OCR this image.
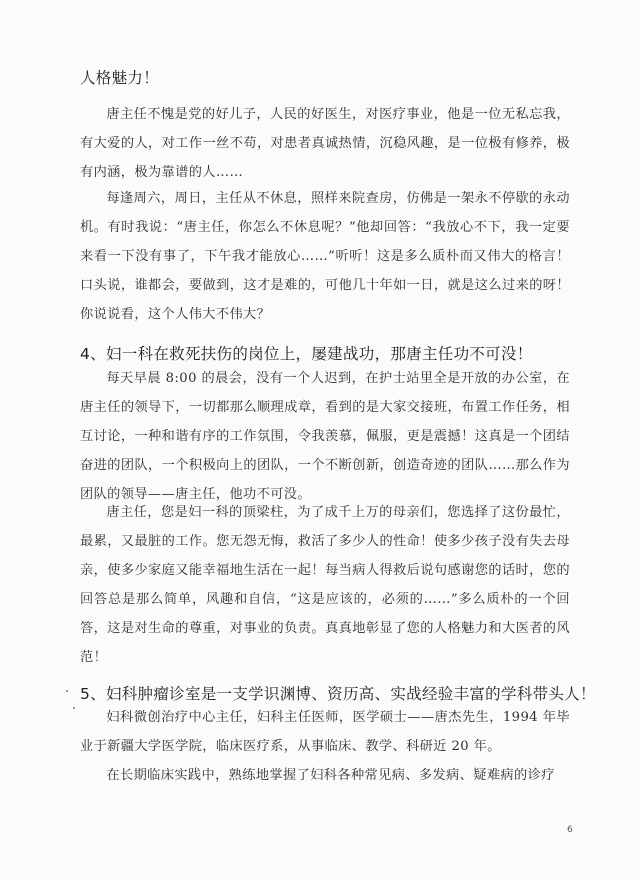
人格魅力！
唐主任不愧是党的好儿子，人民的好医生，对医疗事业，他是一位无私忘我，有大爱的人，对工作一丝不苟，对患者真诚热情，沉稳风趣，是一位极有修养，极有内涵，极为靠谱的人……
每逢周六，周日，主任从不休息，照样来院查房，仿佛是一架永不停歇的永动机。有时我说：“唐主任，你怎么不休息呢？”他却回答：“我放心不下，我一定要来看一下没有事了，下午我才能放心……”听听！这是多么质朴而又伟大的格言！口头说，谁都会，要做到，这才是难的，可他几十年如一日，就是这么过来的呀！你说说看，这个人伟大不伟大？
4、妇一科在救死扶伤的岗位上，屡建战功，那唐主任功不可没！
每天早晨 8:00 的晨会，没有一个人迟到，在护士站里全是开放的办公室，在唐主任的领导下，一切都那么顺理成章，看到的是大家交接班，布置工作任务，相互讨论，一种和谐有序的工作氛围，令我羡慕，佩服，更是震撼！这真是一个团结奋进的团队，一个积极向上的团队，一个不断创新，创造奇迹的团队……那么作为团队的领导——唐主任，他功不可没。
唐主任，您是妇一科的顶梁柱，为了成千上万的母亲们，您选择了这份最忙，最累，又最脏的工作。您无怨无悔，救活了多少人的性命！使多少孩子没有失去母亲，使多少家庭又能幸福地生活在一起！每当病人得救后说句感谢您的话时，您的回答总是那么简单，风趣和自信，“这是应该的，必须的……”多么质朴的一个回答，这是对生命的尊重，对事业的负责。真真地彰显了您的人格魅力和大医者的风范！
5、妇科肿瘤诊室是一支学识渊博、资历高、实战经验丰富的学科带头人！
妇科微创治疗中心主任，妇科主任医师，医学硕士——唐杰先生，1994 年毕业于新疆大学医学院，临床医疗系，从事临床、教学、科研近 20 年。
在长期临床实践中，熟练地掌握了妇科各种常见病、多发病、疑难病的诊疗
6
